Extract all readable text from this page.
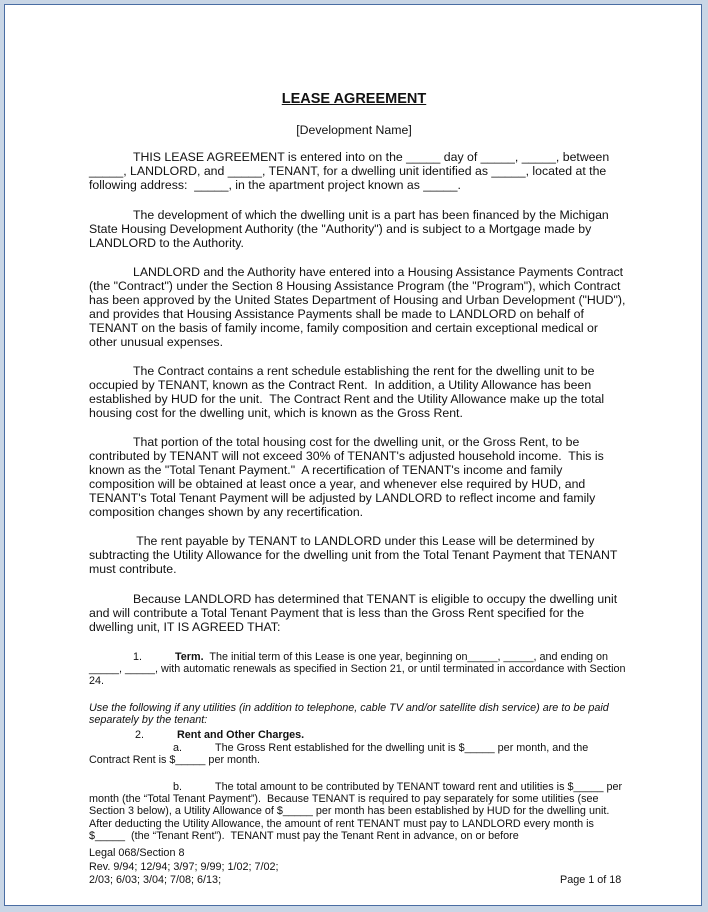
LEASE AGREEMENT
[Development Name]

THIS LEASE AGREEMENT is entered into on the _____ day of _____, _____, between _____, LANDLORD, and _____, TENANT, for a dwelling unit identified as _____, located at the following address:  _____, in the apartment project known as _____.

The development of which the dwelling unit is a part has been financed by the Michigan State Housing Development Authority (the "Authority") and is subject to a Mortgage made by LANDLORD to the Authority.

LANDLORD and the Authority have entered into a Housing Assistance Payments Contract (the "Contract") under the Section 8 Housing Assistance Program (the "Program"), which Contract has been approved by the United States Department of Housing and Urban Development ("HUD"), and provides that Housing Assistance Payments shall be made to LANDLORD on behalf of TENANT on the basis of family income, family composition and certain exceptional medical or other unusual expenses.

The Contract contains a rent schedule establishing the rent for the dwelling unit to be occupied by TENANT, known as the Contract Rent.  In addition, a Utility Allowance has been established by HUD for the unit.  The Contract Rent and the Utility Allowance make up the total housing cost for the dwelling unit, which is known as the Gross Rent.

That portion of the total housing cost for the dwelling unit, or the Gross Rent, to be contributed by TENANT will not exceed 30% of TENANT's adjusted household income.  This is known as the "Total Tenant Payment."  A recertification of TENANT's income and family composition will be obtained at least once a year, and whenever else required by HUD, and TENANT's Total Tenant Payment will be adjusted by LANDLORD to reflect income and family composition changes shown by any recertification.

The rent payable by TENANT to LANDLORD under this Lease will be determined by subtracting the Utility Allowance for the dwelling unit from the Total Tenant Payment that TENANT must contribute.

Because LANDLORD has determined that TENANT is eligible to occupy the dwelling unit and will contribute a Total Tenant Payment that is less than the Gross Rent specified for the dwelling unit, IT IS AGREED THAT:

1.	Term.  The initial term of this Lease is one year, beginning on_____, _____, and ending on _____, _____, with automatic renewals as specified in Section 21, or until terminated in accordance with Section 24.

Use the following if any utilities (in addition to telephone, cable TV and/or satellite dish service) are to be paid separately by the tenant:

2.	Rent and Other Charges.

a.	The Gross Rent established for the dwelling unit is $_____ per month, and the Contract Rent is $_____ per month.

b.	The total amount to be contributed by TENANT toward rent and utilities is $_____ per month (the “Total Tenant Payment”).  Because TENANT is required to pay separately for some utilities (see Section 3 below), a Utility Allowance of $_____ per month has been established by HUD for the dwelling unit.  After deducting the Utility Allowance, the amount of rent TENANT must pay to LANDLORD every month is $_____  (the “Tenant Rent”).  TENANT must pay the Tenant Rent in advance, on or before

Legal 068/Section 8
Rev. 9/94; 12/94; 3/97; 9/99; 1/02; 7/02;
2/03; 6/03; 3/04; 7/08; 6/13;	Page 1 of 18
